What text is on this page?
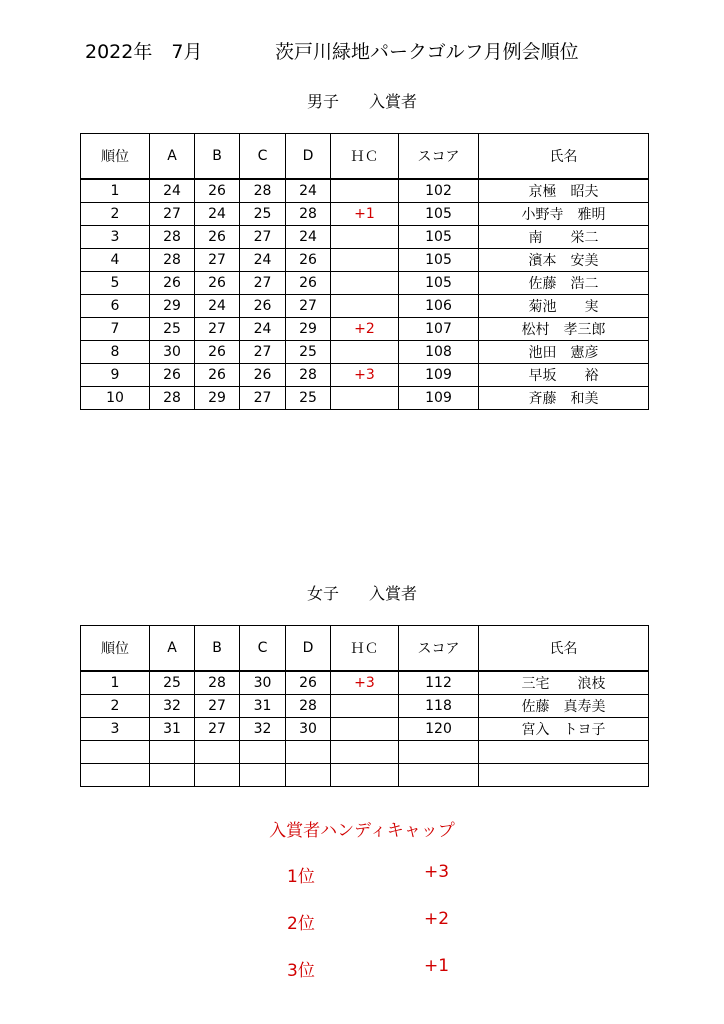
2022年　7月	茨戸川緑地パークゴルフ月例会順位
男子 入賞者
順位	A	B	C	D	ＨＣ	スコア	氏名
1	24	26	28	24		102	京極　昭夫
2	27	24	25	28	+1	105	小野寺　雅明
3	28	26	27	24		105	南　　栄二
4	28	27	24	26		105	濱本　安美
5	26	26	27	26		105	佐藤　浩二
6	29	24	26	27		106	菊池　　実
7	25	27	24	29	+2	107	松村　孝三郎
8	30	26	27	25		108	池田　憲彦
9	26	26	26	28	+3	109	早坂　　裕
10	28	29	27	25		109	斉藤　和美
女子 入賞者
順位	A	B	C	D	ＨＣ	スコア	氏名
1	25	28	30	26	+3	112	三宅　　浪枝
2	32	27	31	28		118	佐藤　真寿美
3	31	27	32	30		120	宮入　トヨ子

入賞者ハンディキャップ
1位	+3
2位	+2
3位	+1
